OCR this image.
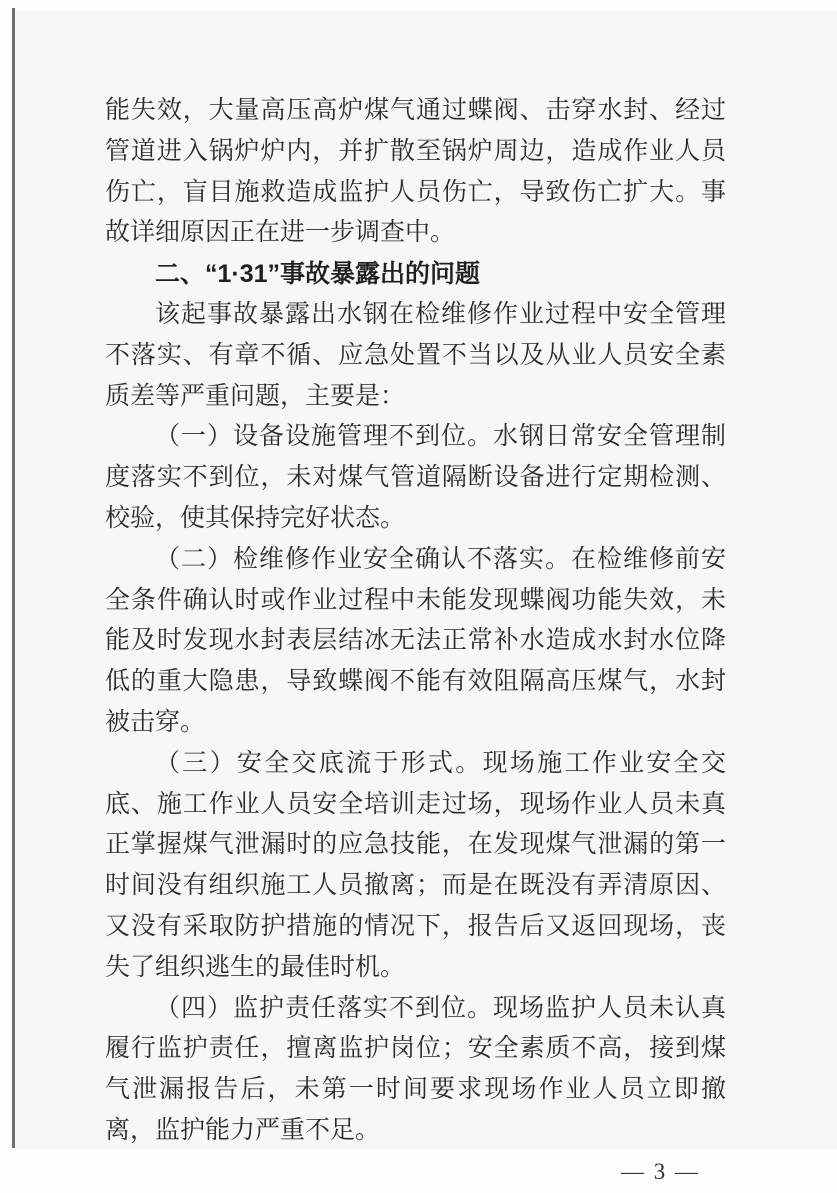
能失效，大量高压高炉煤气通过蝶阀、击穿水封、经过管道进入锅炉炉内，并扩散至锅炉周边，造成作业人员伤亡，盲目施救造成监护人员伤亡，导致伤亡扩大。事故详细原因正在进一步调查中。

二、“1·31”事故暴露出的问题

该起事故暴露出水钢在检维修作业过程中安全管理不落实、有章不循、应急处置不当以及从业人员安全素质差等严重问题，主要是：

（一）设备设施管理不到位。水钢日常安全管理制度落实不到位，未对煤气管道隔断设备进行定期检测、校验，使其保持完好状态。

（二）检维修作业安全确认不落实。在检维修前安全条件确认时或作业过程中未能发现蝶阀功能失效，未能及时发现水封表层结冰无法正常补水造成水封水位降低的重大隐患，导致蝶阀不能有效阻隔高压煤气，水封被击穿。

（三）安全交底流于形式。现场施工作业安全交底、施工作业人员安全培训走过场，现场作业人员未真正掌握煤气泄漏时的应急技能，在发现煤气泄漏的第一时间没有组织施工人员撤离；而是在既没有弄清原因、又没有采取防护措施的情况下，报告后又返回现场，丧失了组织逃生的最佳时机。

（四）监护责任落实不到位。现场监护人员未认真履行监护责任，擅离监护岗位；安全素质不高，接到煤气泄漏报告后，未第一时间要求现场作业人员立即撤离，监护能力严重不足。

— 3 —
